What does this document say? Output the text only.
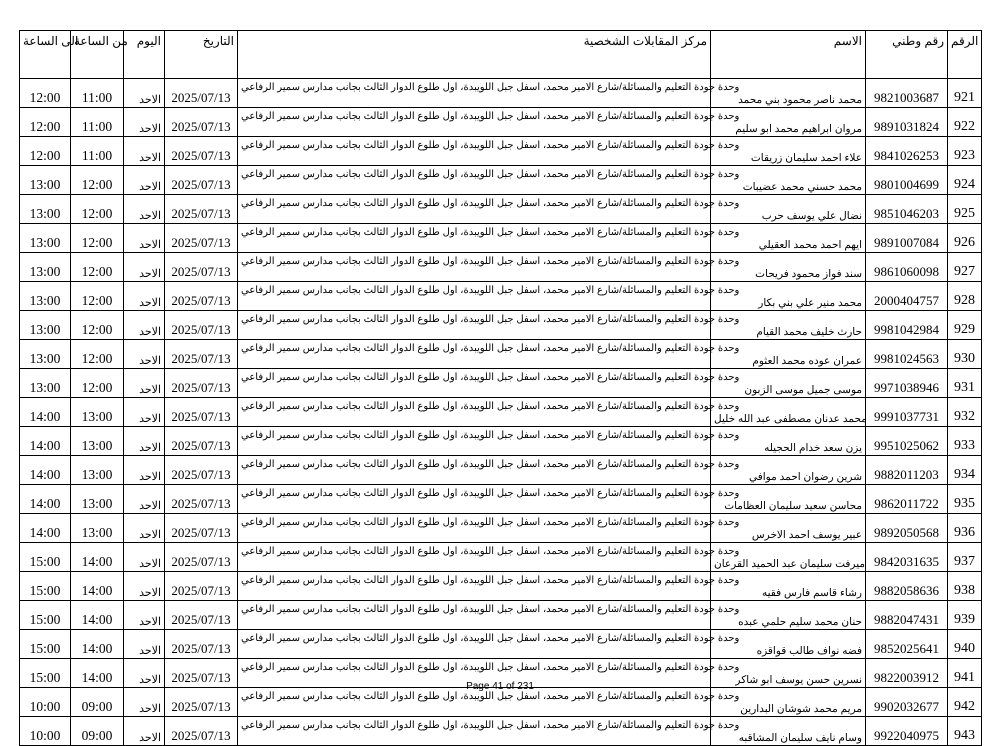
الى الساعة	من الساعة	اليوم	التاريخ	مركز المقابلات الشخصية	الاسم	رقم وطني	الرقم
12:00	11:00	الاحد	2025/07/13	وحدة جودة التعليم والمسائلة/شارع الامير محمد، اسفل جبل اللويبدة، اول طلوع الدوار الثالث بجانب مدارس سمير الرفاعي	محمد ناصر محمود بني محمد	9821003687	921
12:00	11:00	الاحد	2025/07/13	وحدة جودة التعليم والمسائلة/شارع الامير محمد، اسفل جبل اللويبدة، اول طلوع الدوار الثالث بجانب مدارس سمير الرفاعي	مروان ابراهيم محمد ابو سليم	9891031824	922
12:00	11:00	الاحد	2025/07/13	وحدة جودة التعليم والمسائلة/شارع الامير محمد، اسفل جبل اللويبدة، اول طلوع الدوار الثالث بجانب مدارس سمير الرفاعي	علاء احمد سليمان زريقات	9841026253	923
13:00	12:00	الاحد	2025/07/13	وحدة جودة التعليم والمسائلة/شارع الامير محمد، اسفل جبل اللويبدة، اول طلوع الدوار الثالث بجانب مدارس سمير الرفاعي	محمد حسني محمد عضيبات	9801004699	924
13:00	12:00	الاحد	2025/07/13	وحدة جودة التعليم والمسائلة/شارع الامير محمد، اسفل جبل اللويبدة، اول طلوع الدوار الثالث بجانب مدارس سمير الرفاعي	نضال علي يوسف حرب	9851046203	925
13:00	12:00	الاحد	2025/07/13	وحدة جودة التعليم والمسائلة/شارع الامير محمد، اسفل جبل اللويبدة، اول طلوع الدوار الثالث بجانب مدارس سمير الرفاعي	ايهم احمد محمد العقيلي	9891007084	926
13:00	12:00	الاحد	2025/07/13	وحدة جودة التعليم والمسائلة/شارع الامير محمد، اسفل جبل اللويبدة، اول طلوع الدوار الثالث بجانب مدارس سمير الرفاعي	سند فواز محمود فريحات	9861060098	927
13:00	12:00	الاحد	2025/07/13	وحدة جودة التعليم والمسائلة/شارع الامير محمد، اسفل جبل اللويبدة، اول طلوع الدوار الثالث بجانب مدارس سمير الرفاعي	محمد منير علي بني بكار	2000404757	928
13:00	12:00	الاحد	2025/07/13	وحدة جودة التعليم والمسائلة/شارع الامير محمد، اسفل جبل اللويبدة، اول طلوع الدوار الثالث بجانب مدارس سمير الرفاعي	حارث خليف محمد القيام	9981042984	929
13:00	12:00	الاحد	2025/07/13	وحدة جودة التعليم والمسائلة/شارع الامير محمد، اسفل جبل اللويبدة، اول طلوع الدوار الثالث بجانب مدارس سمير الرفاعي	عمران عوده محمد العثوم	9981024563	930
13:00	12:00	الاحد	2025/07/13	وحدة جودة التعليم والمسائلة/شارع الامير محمد، اسفل جبل اللويبدة، اول طلوع الدوار الثالث بجانب مدارس سمير الرفاعي	موسى جميل موسى الزبون	9971038946	931
14:00	13:00	الاحد	2025/07/13	وحدة جودة التعليم والمسائلة/شارع الامير محمد، اسفل جبل اللويبدة، اول طلوع الدوار الثالث بجانب مدارس سمير الرفاعي	محمد عدنان مصطفى عبد الله خليل	9991037731	932
14:00	13:00	الاحد	2025/07/13	وحدة جودة التعليم والمسائلة/شارع الامير محمد، اسفل جبل اللويبدة، اول طلوع الدوار الثالث بجانب مدارس سمير الرفاعي	يزن سعد خدام الحجيله	9951025062	933
14:00	13:00	الاحد	2025/07/13	وحدة جودة التعليم والمسائلة/شارع الامير محمد، اسفل جبل اللويبدة، اول طلوع الدوار الثالث بجانب مدارس سمير الرفاعي	شرين رضوان احمد موافي	9882011203	934
14:00	13:00	الاحد	2025/07/13	وحدة جودة التعليم والمسائلة/شارع الامير محمد، اسفل جبل اللويبدة، اول طلوع الدوار الثالث بجانب مدارس سمير الرفاعي	محاسن سعيد سليمان العظامات	9862011722	935
14:00	13:00	الاحد	2025/07/13	وحدة جودة التعليم والمسائلة/شارع الامير محمد، اسفل جبل اللويبدة، اول طلوع الدوار الثالث بجانب مدارس سمير الرفاعي	عبير يوسف احمد الاخرس	9892050568	936
15:00	14:00	الاحد	2025/07/13	وحدة جودة التعليم والمسائلة/شارع الامير محمد، اسفل جبل اللويبدة، اول طلوع الدوار الثالث بجانب مدارس سمير الرفاعي	ميرفت سليمان عبد الحميد القرعان	9842031635	937
15:00	14:00	الاحد	2025/07/13	وحدة جودة التعليم والمسائلة/شارع الامير محمد، اسفل جبل اللويبدة، اول طلوع الدوار الثالث بجانب مدارس سمير الرفاعي	رشاء قاسم فارس فقيه	9882058636	938
15:00	14:00	الاحد	2025/07/13	وحدة جودة التعليم والمسائلة/شارع الامير محمد، اسفل جبل اللويبدة، اول طلوع الدوار الثالث بجانب مدارس سمير الرفاعي	حنان محمد سليم حلمي عبده	9882047431	939
15:00	14:00	الاحد	2025/07/13	وحدة جودة التعليم والمسائلة/شارع الامير محمد، اسفل جبل اللويبدة، اول طلوع الدوار الثالث بجانب مدارس سمير الرفاعي	فضه نواف طالب قواقزه	9852025641	940
15:00	14:00	الاحد	2025/07/13	وحدة جودة التعليم والمسائلة/شارع الامير محمد، اسفل جبل اللويبدة، اول طلوع الدوار الثالث بجانب مدارس سمير الرفاعي	نسرين حسن يوسف ابو شاكر	9822003912	941
10:00	09:00	الاحد	2025/07/13	وحدة جودة التعليم والمسائلة/شارع الامير محمد، اسفل جبل اللويبدة، اول طلوع الدوار الثالث بجانب مدارس سمير الرفاعي	مريم محمد شوشان البدارين	9902032677	942
10:00	09:00	الاحد	2025/07/13	وحدة جودة التعليم والمسائلة/شارع الامير محمد، اسفل جبل اللويبدة، اول طلوع الدوار الثالث بجانب مدارس سمير الرفاعي	وسام نايف سليمان المشاقبه	9922040975	943
Page 41 of 231
